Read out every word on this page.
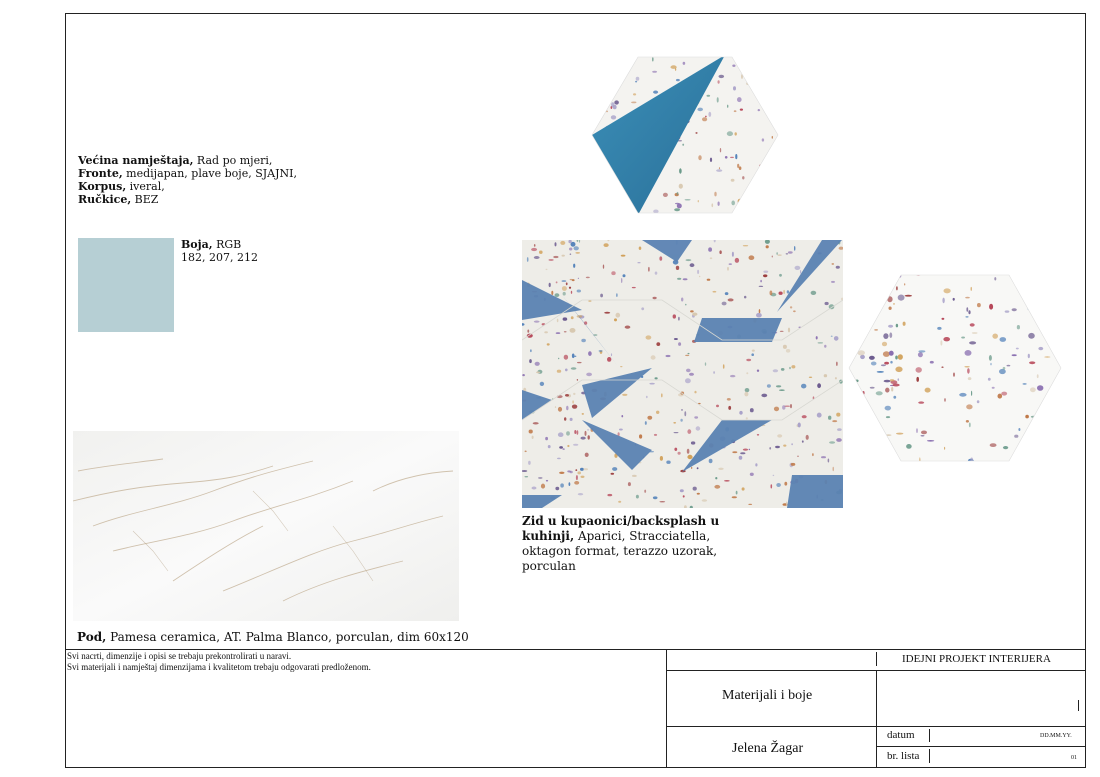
Većina namještaja, Rad po mjeri,
Fronte, medijapan, plave boje, SJAJNI,
Korpus, iveral,
Ručkice, BEZ
Boja, RGB
182, 207, 212
Zid u kupaonici/backsplash u kuhinji, Aparici, Stracciatella, oktagon format, terazzo uzorak, porculan
Pod, Pamesa ceramica, AT. Palma Blanco, porculan, dim 60x120
Svi nacrti, dimenzije i opisi se trebaju prekontrolirati u naravi.
Svi materijali i namještaj dimenzijama i kvalitetom trebaju odgovarati predloženom.
IDEJNI PROJEKT INTERIJERA
Materijali i boje
Jelena Žagar
datum	DD.MM.YY.
br. lista	01
